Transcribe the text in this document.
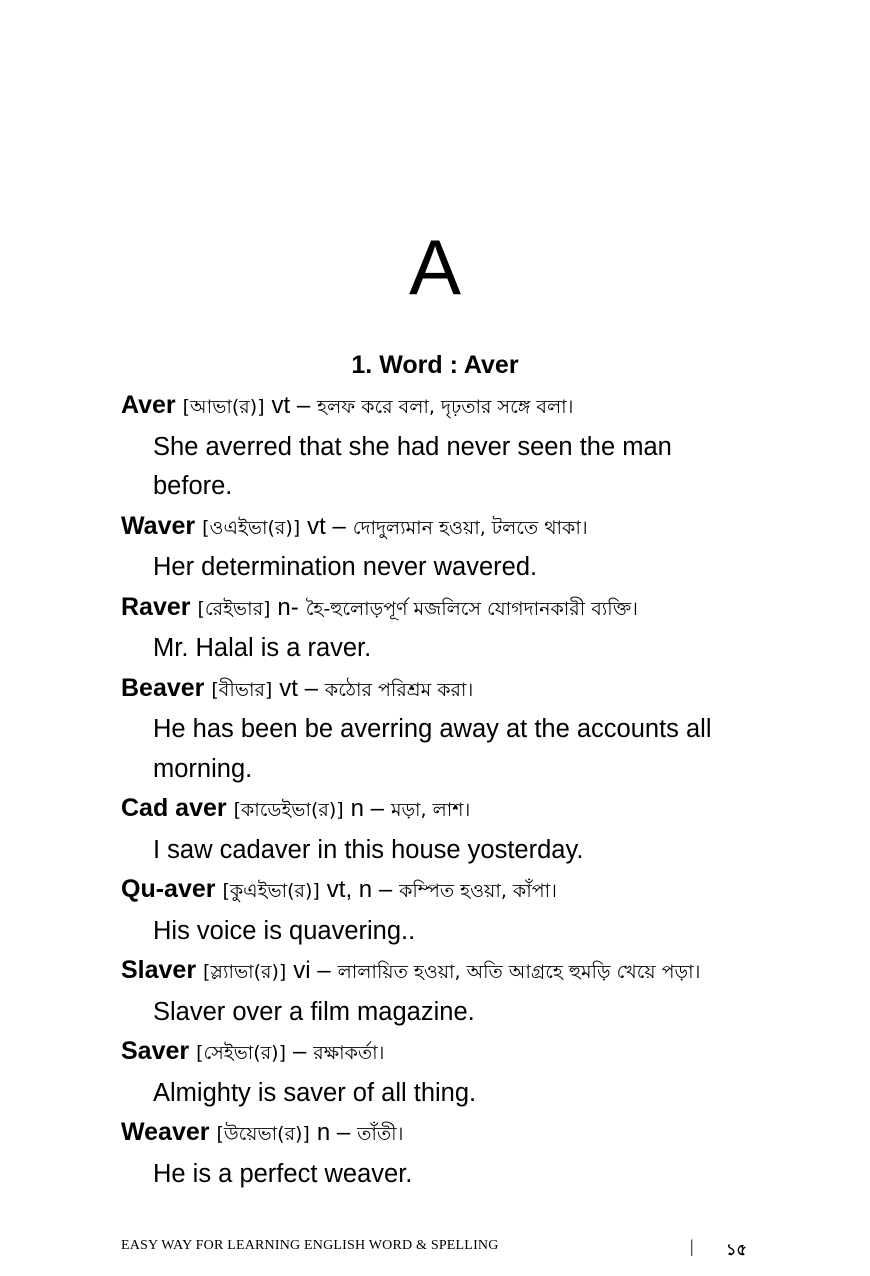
A
1. Word : Aver
Aver [আভা(র)] vt – হলফ করে বলা, দৃঢ়তার সঙ্গে বলা।

She averred that she had never seen the man before.

Waver [ওএইভা(র)] vt – দোদুল্যমান হওয়া, টলতে থাকা।

Her determination never wavered.

Raver [রেইভার] n- হৈ-হুলোড়পূর্ণ মজলিসে যোগদানকারী ব্যক্তি।

Mr. Halal is a raver.

Beaver [বীভার] vt – কঠোর পরিশ্রম করা।

He has been be averring away at the accounts all morning.

Cad aver [কাডেইভা(র)] n – মড়া, লাশ।

I saw cadaver in this house yosterday.

Qu-aver [কুএইভা(র)] vt, n – কম্পিত হওয়া, কাঁপা।

His voice is quavering..

Slaver [স্ল্যাভা(র)] vi – লালায়িত হওয়া, অতি আগ্রহে হুমড়ি খেয়ে পড়া।

Slaver over a film magazine.

Saver [সেইভা(র)] – রক্ষাকর্তা।

Almighty is saver of all thing.

Weaver [উয়েভা(র)] n – তাঁতী।

He is a perfect weaver.

EASY WAY FOR LEARNING ENGLISH WORD & SPELLING	| ১৫
